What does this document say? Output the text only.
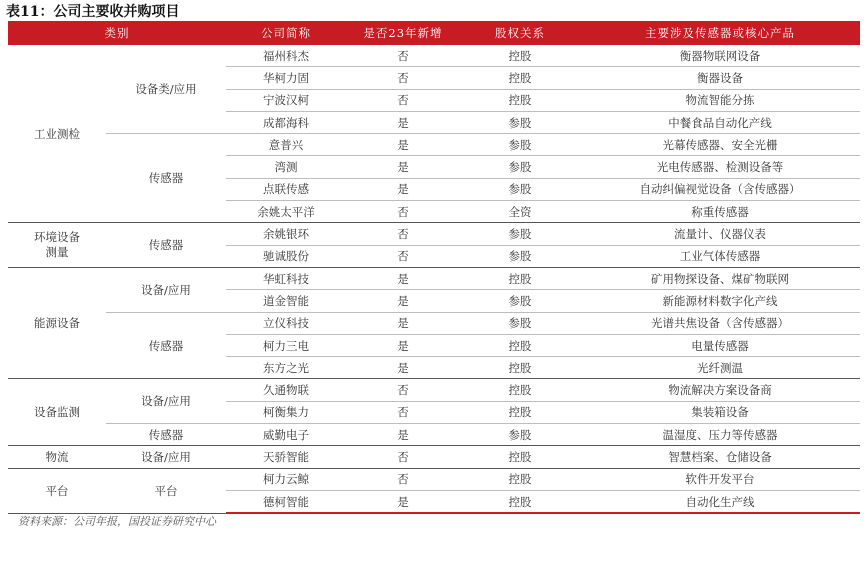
表11：公司主要收并购项目
类别		公司简称	是否23年新增	股权关系	主要涉及传感器或核心产品
工业测检	设备类/应用	福州科杰	否	控股	衡器物联网设备
		华柯力固	否	控股	衡器设备
		宁波汉柯	否	控股	物流智能分拣
		成都海科	是	参股	中餐食品自动化产线
	传感器	意普兴	是	参股	光幕传感器、安全光栅
		湾测	是	参股	光电传感器、检测设备等
		点联传感	是	参股	自动纠偏视觉设备（含传感器）
		余姚太平洋	否	全资	称重传感器
环境设备
测量	传感器	余姚银环	否	参股	流量计、仪器仪表
		驰诚股份	否	参股	工业气体传感器
能源设备	设备/应用	华虹科技	是	控股	矿用物探设备、煤矿物联网
		道金智能	是	参股	新能源材料数字化产线
	传感器	立仪科技	是	参股	光谱共焦设备（含传感器）
		柯力三电	是	控股	电量传感器
		东方之光	是	控股	光纤测温
设备监测	设备/应用	久通物联	否	控股	物流解决方案设备商
		柯衡集力	否	控股	集装箱设备
	传感器	威勤电子	是	参股	温湿度、压力等传感器
物流	设备/应用	天骄智能	否	控股	智慧档案、仓储设备
平台	平台	柯力云鲸	否	控股	软件开发平台
		德柯智能	是	控股	自动化生产线
资料来源：公司年报，国投证券研究中心
